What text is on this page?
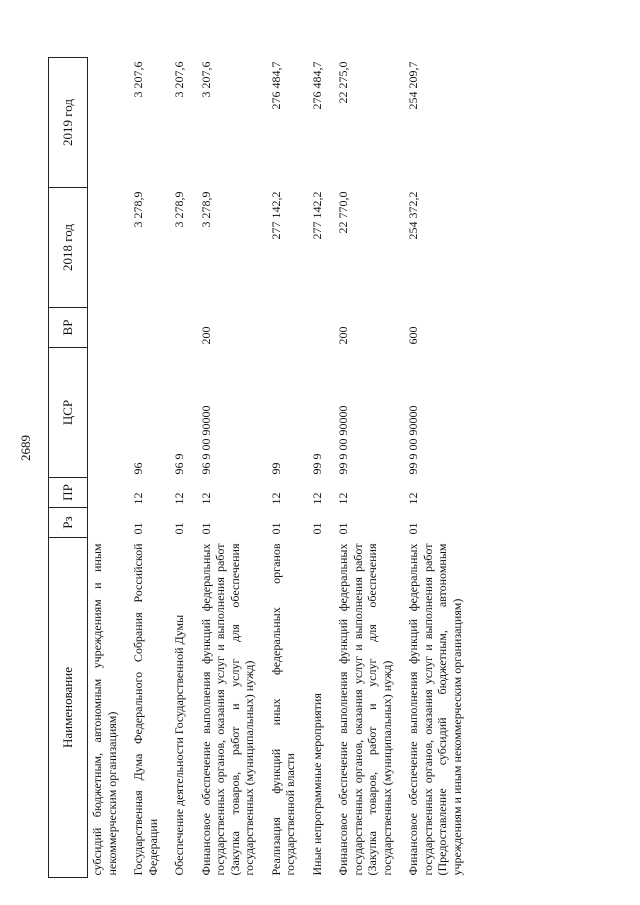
2689
Наименование	Рз	ПР	ЦСР	ВР	2018 год	2019 год
субсидий бюджетным, автономным учреждениям и иным некоммерческим организациям)						
Государственная Дума Федерального Собрания Российской Федерации	01	12	96		3 278,9	3 207,6
Обеспечение деятельности Государственной Думы	01	12	96 9		3 278,9	3 207,6
Финансовое обеспечение выполнения функций федеральных государственных органов, оказания услуг и выполнения работ (Закупка товаров, работ и услуг для обеспечения государственных (муниципальных) нужд)	01	12	96 9 00 90000	200	3 278,9	3 207,6
Реализация функций иных федеральных органов государственной власти	01	12	99		277 142,2	276 484,7
Иные непрограммные мероприятия	01	12	99 9		277 142,2	276 484,7
Финансовое обеспечение выполнения функций федеральных государственных органов, оказания услуг и выполнения работ (Закупка товаров, работ и услуг для обеспечения государственных (муниципальных) нужд)	01	12	99 9 00 90000	200	22 770,0	22 275,0
Финансовое обеспечение выполнения функций федеральных государственных органов, оказания услуг и выполнения работ (Предоставление субсидий бюджетным, автономным учреждениям и иным некоммерческим организациям)	01	12	99 9 00 90000	600	254 372,2	254 209,7
